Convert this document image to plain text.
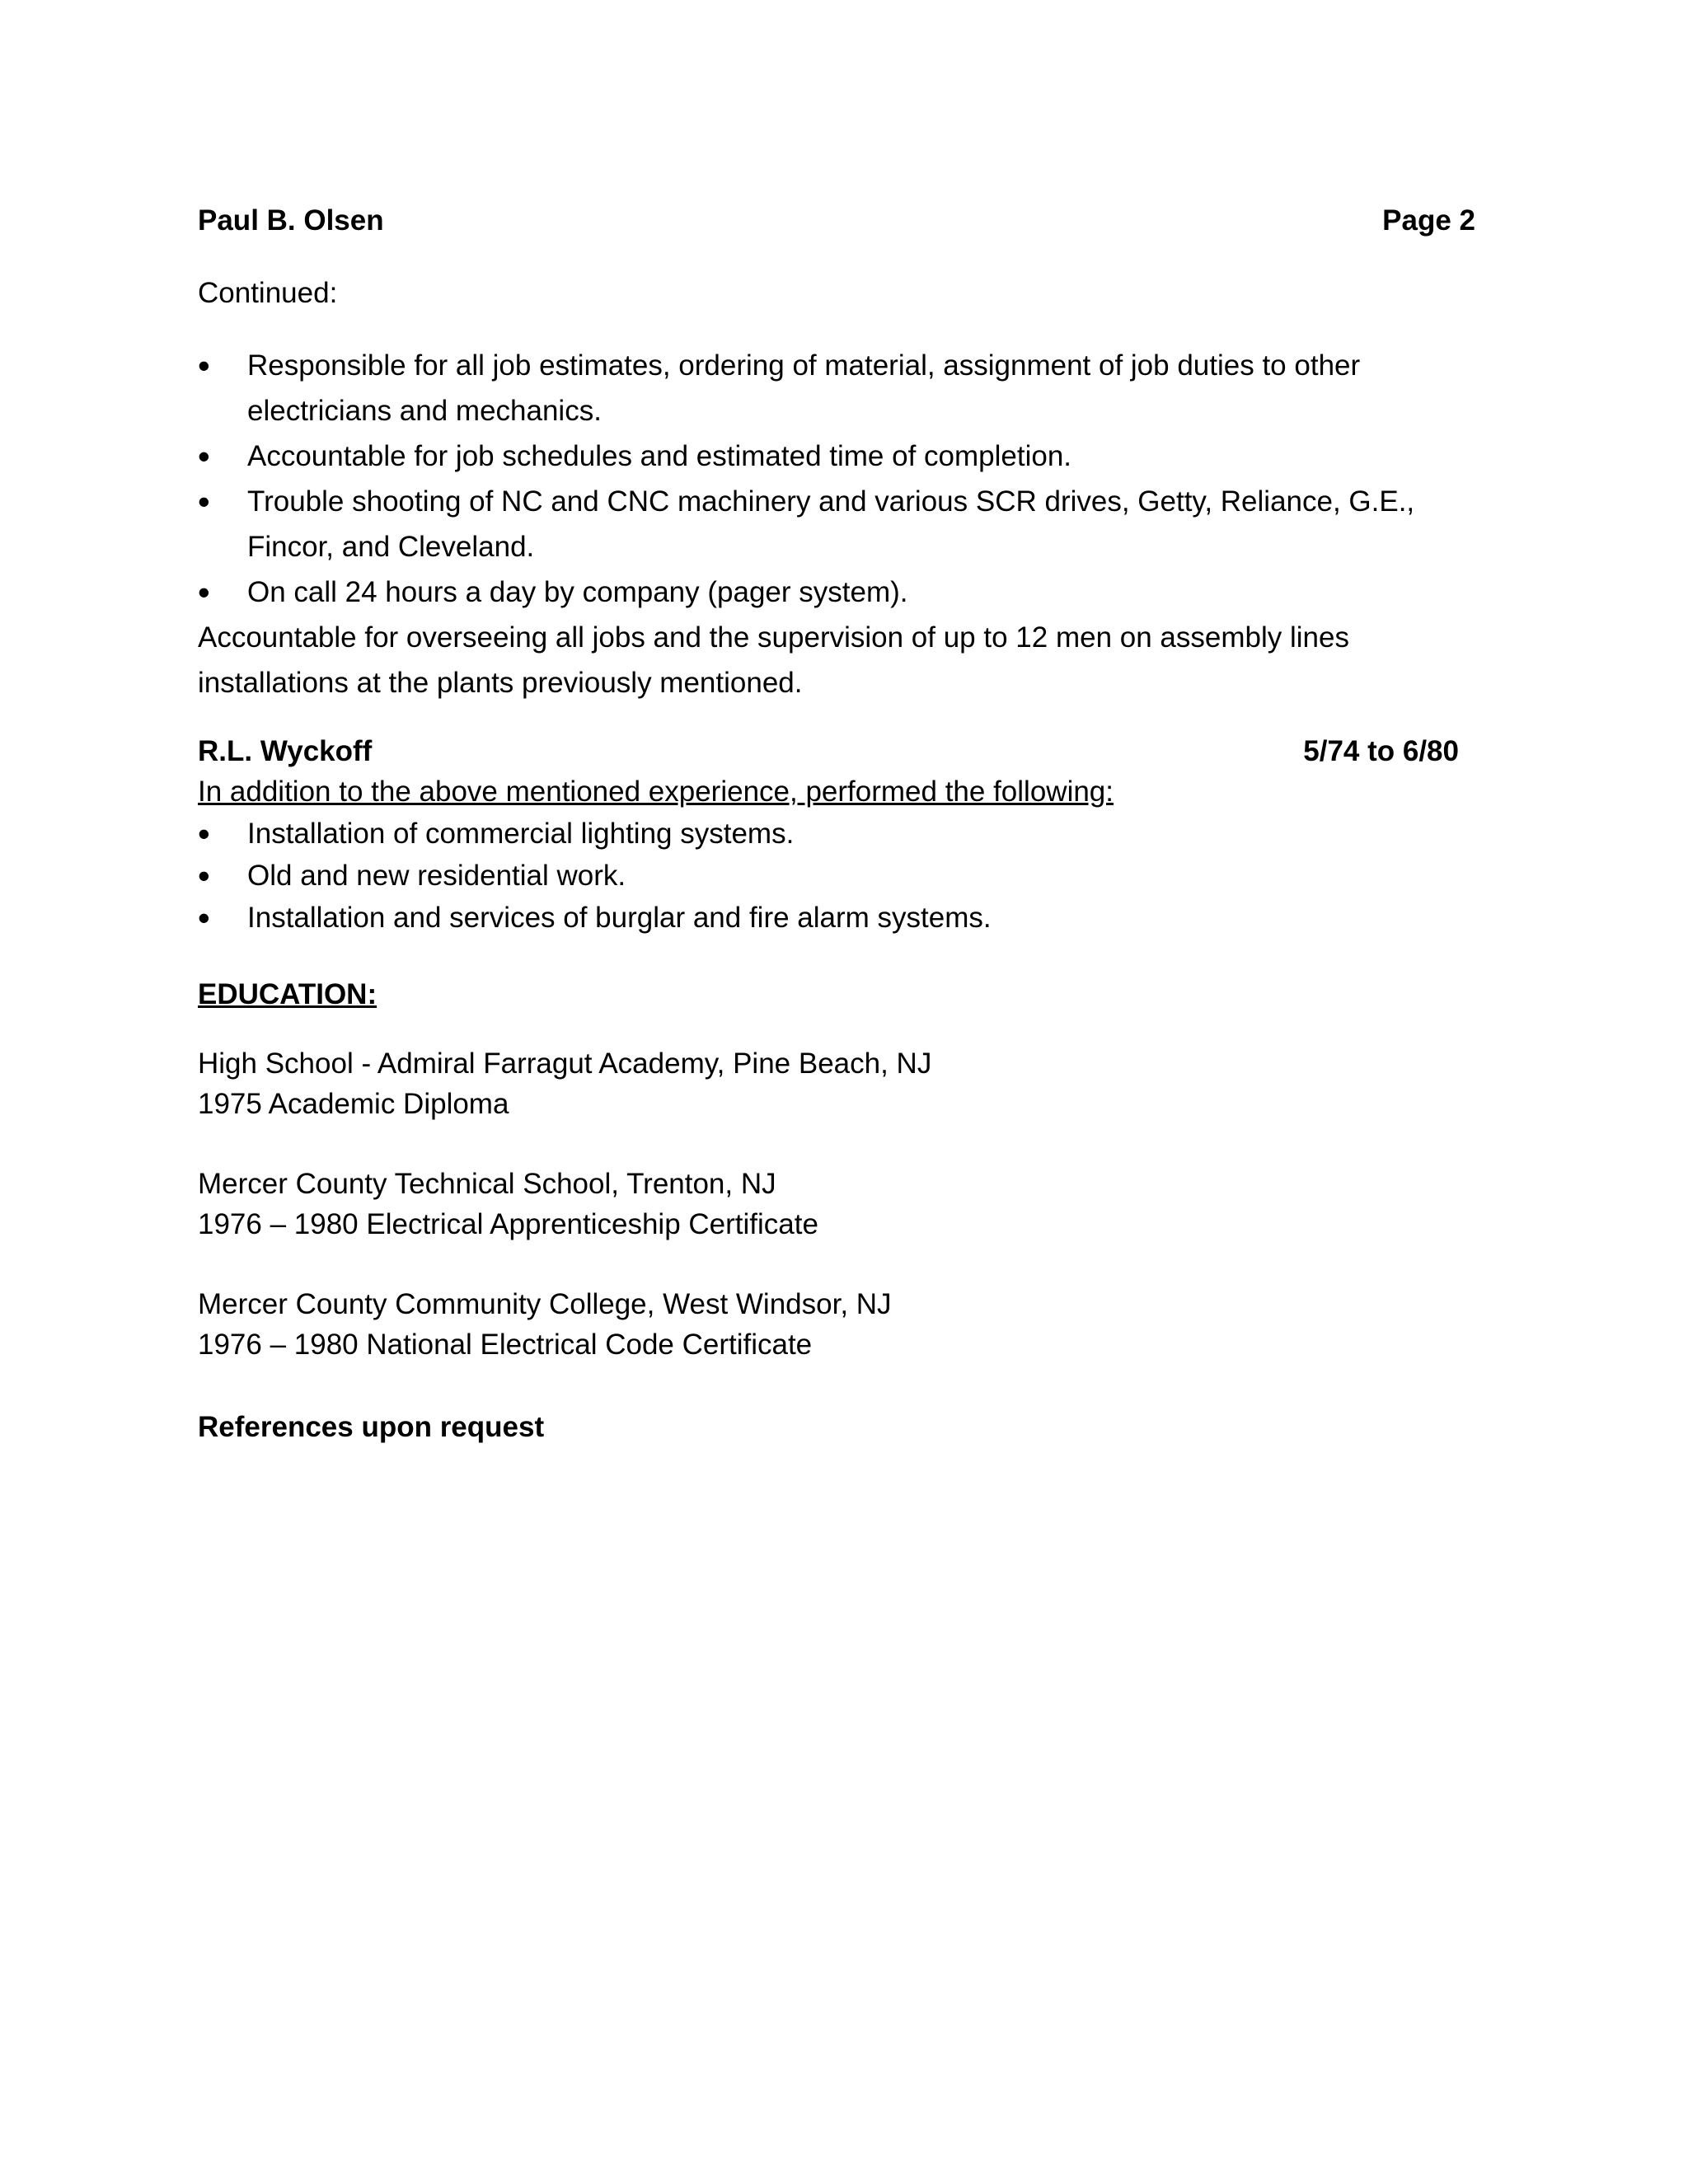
Paul B. Olsen	Page 2
Continued:
• Responsible for all job estimates, ordering of material, assignment of job duties to other electricians and mechanics.
• Accountable for job schedules and estimated time of completion.
• Trouble shooting of NC and CNC machinery and various SCR drives, Getty, Reliance, G.E., Fincor, and Cleveland.
• On call 24 hours a day by company (pager system).
Accountable for overseeing all jobs and the supervision of up to 12 men on assembly lines installations at the plants previously mentioned.
R.L. Wyckoff	5/74 to 6/80
In addition to the above mentioned experience, performed the following:
• Installation of commercial lighting systems.
• Old and new residential work.
• Installation and services of burglar and fire alarm systems.
EDUCATION:
High School - Admiral Farragut Academy, Pine Beach, NJ
1975 Academic Diploma
Mercer County Technical School, Trenton, NJ
1976 – 1980 Electrical Apprenticeship Certificate
Mercer County Community College, West Windsor, NJ
1976 – 1980 National Electrical Code Certificate
References upon request
